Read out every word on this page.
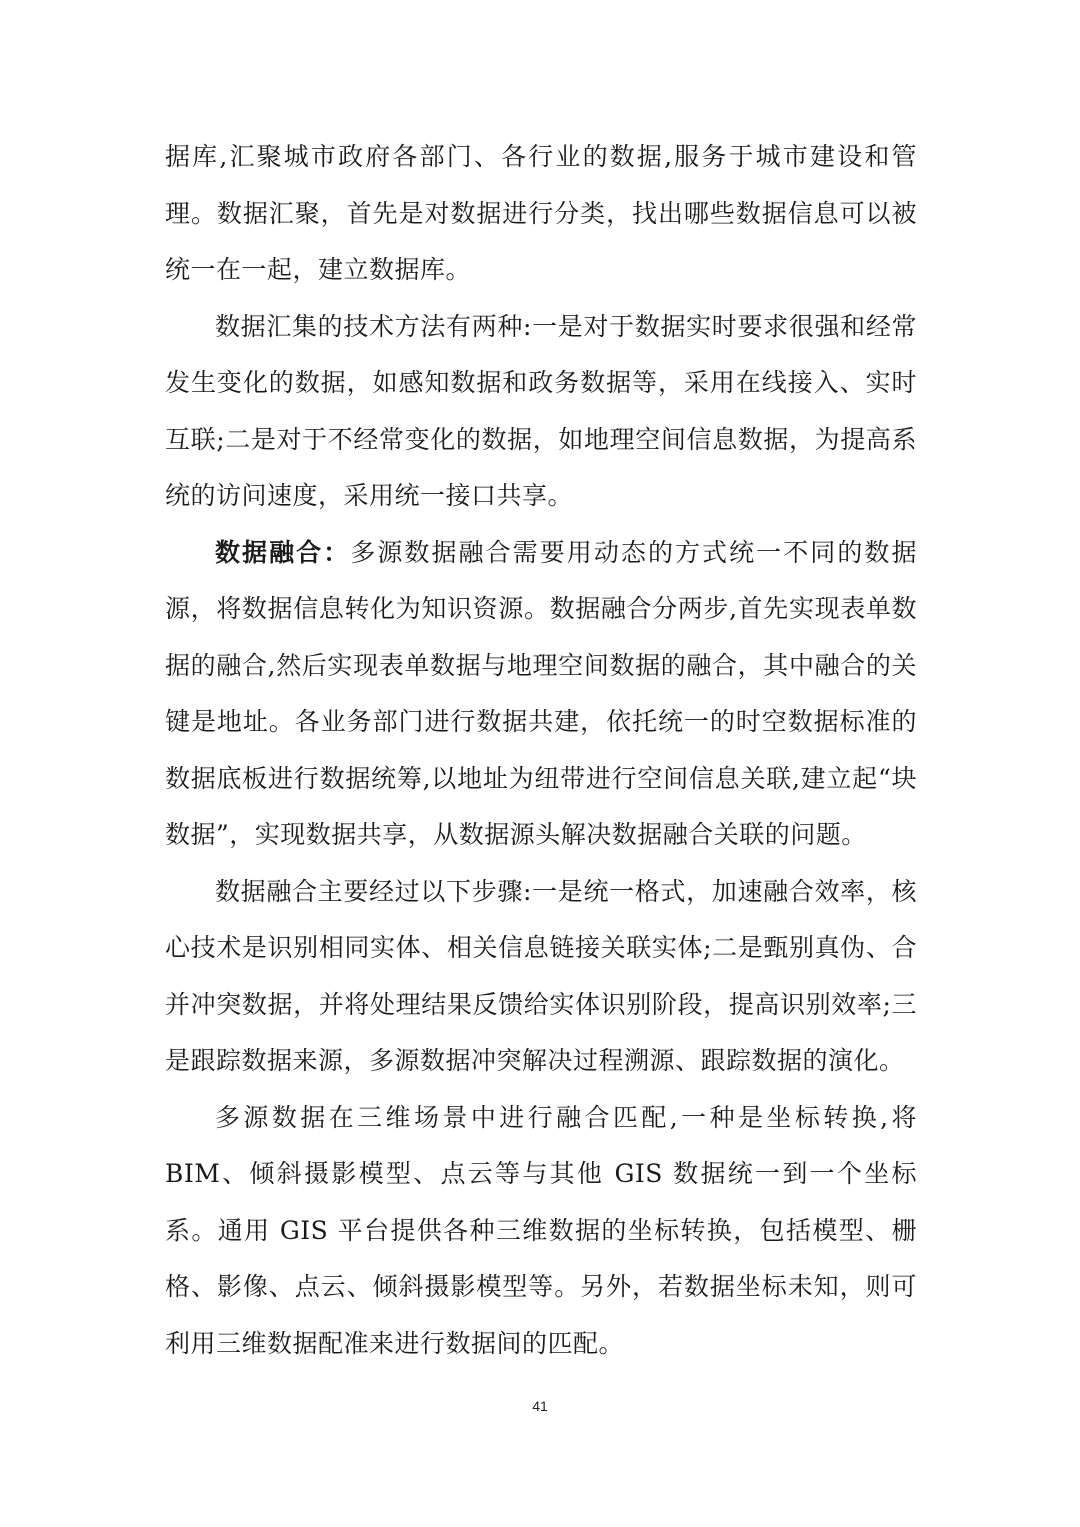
据库,汇聚城市政府各部门、各行业的数据,服务于城市建设和管理。数据汇聚，首先是对数据进行分类，找出哪些数据信息可以被统一在一起，建立数据库。

数据汇集的技术方法有两种:一是对于数据实时要求很强和经常发生变化的数据，如感知数据和政务数据等，采用在线接入、实时互联;二是对于不经常变化的数据，如地理空间信息数据，为提高系统的访问速度，采用统一接口共享。

数据融合：多源数据融合需要用动态的方式统一不同的数据源，将数据信息转化为知识资源。数据融合分两步,首先实现表单数据的融合,然后实现表单数据与地理空间数据的融合，其中融合的关键是地址。各业务部门进行数据共建，依托统一的时空数据标准的数据底板进行数据统筹,以地址为纽带进行空间信息关联,建立起“块数据”，实现数据共享，从数据源头解决数据融合关联的问题。

数据融合主要经过以下步骤:一是统一格式，加速融合效率，核心技术是识别相同实体、相关信息链接关联实体;二是甄别真伪、合并冲突数据，并将处理结果反馈给实体识别阶段，提高识别效率;三是跟踪数据来源，多源数据冲突解决过程溯源、跟踪数据的演化。

多源数据在三维场景中进行融合匹配,一种是坐标转换,将 BIM、倾斜摄影模型、点云等与其他 GIS 数据统一到一个坐标系。通用 GIS 平台提供各种三维数据的坐标转换，包括模型、栅格、影像、点云、倾斜摄影模型等。另外，若数据坐标未知，则可利用三维数据配准来进行数据间的匹配。

41
